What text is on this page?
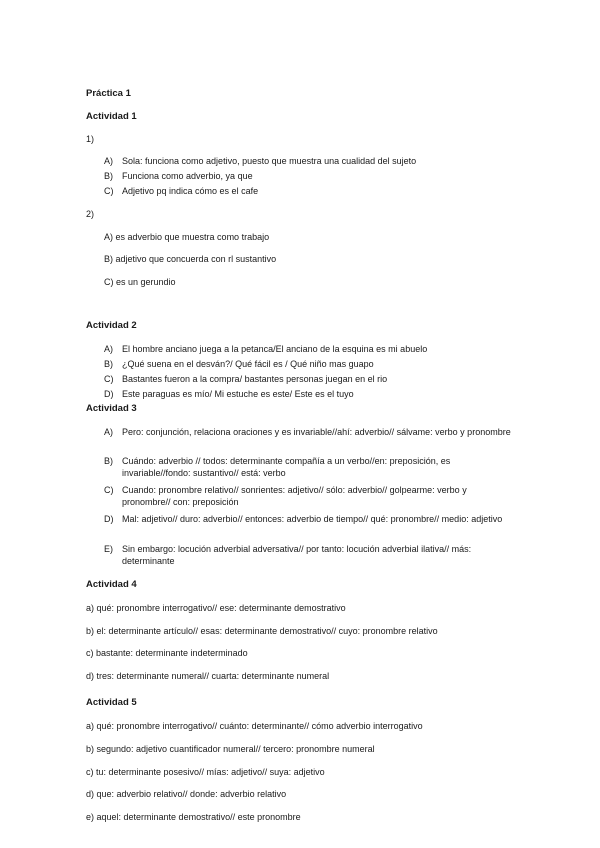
Práctica 1
Actividad 1
1)
A)	Sola: funciona como adjetivo, puesto que muestra una cualidad del sujeto
B)	Funciona como adverbio, ya que
C) Adjetivo pq indica cómo es el cafe
2)
A) es adverbio que muestra como trabajo
B) adjetivo que concuerda con rl sustantivo
C) es un gerundio
Actividad 2
A)	El hombre anciano juega a la petanca/El anciano de la esquina es mi abuelo
B)	¿Qué suena en el desván?/ Qué fácil es / Qué niño mas guapo
C) Bastantes fueron a la compra/ bastantes personas juegan en el rio
D) Este paraguas es mío/ Mi estuche es este/ Este es el tuyo
Actividad 3
A)	Pero: conjunción, relaciona oraciones y es invariable//ahí: adverbio// sálvame: verbo y pronombre
B)	Cuándo: adverbio // todos: determinante compañía a un verbo//en: preposición, es invariable//fondo: sustantivo// está: verbo
C) Cuando: pronombre relativo// sonrientes: adjetivo// sólo: adverbio// golpearme: verbo y pronombre// con: preposición
D) Mal: adjetivo// duro: adverbio// entonces: adverbio de tiempo// qué: pronombre// medio: adjetivo
E)	Sin embargo: locución adverbial adversativa// por tanto: locución adverbial ilativa// más: determinante
Actividad 4
a) qué: pronombre interrogativo// ese: determinante demostrativo
b) el: determinante artículo// esas: determinante demostrativo// cuyo: pronombre relativo
c) bastante: determinante indeterminado
d) tres: determinante numeral// cuarta: determinante numeral
Actividad 5
a) qué: pronombre interrogativo// cuánto: determinante// cómo adverbio interrogativo
b) segundo: adjetivo cuantificador numeral// tercero: pronombre numeral
c) tu: determinante posesivo// mías: adjetivo// suya: adjetivo
d) que: adverbio relativo// donde: adverbio relativo
e) aquel: determinante demostrativo// este pronombre
